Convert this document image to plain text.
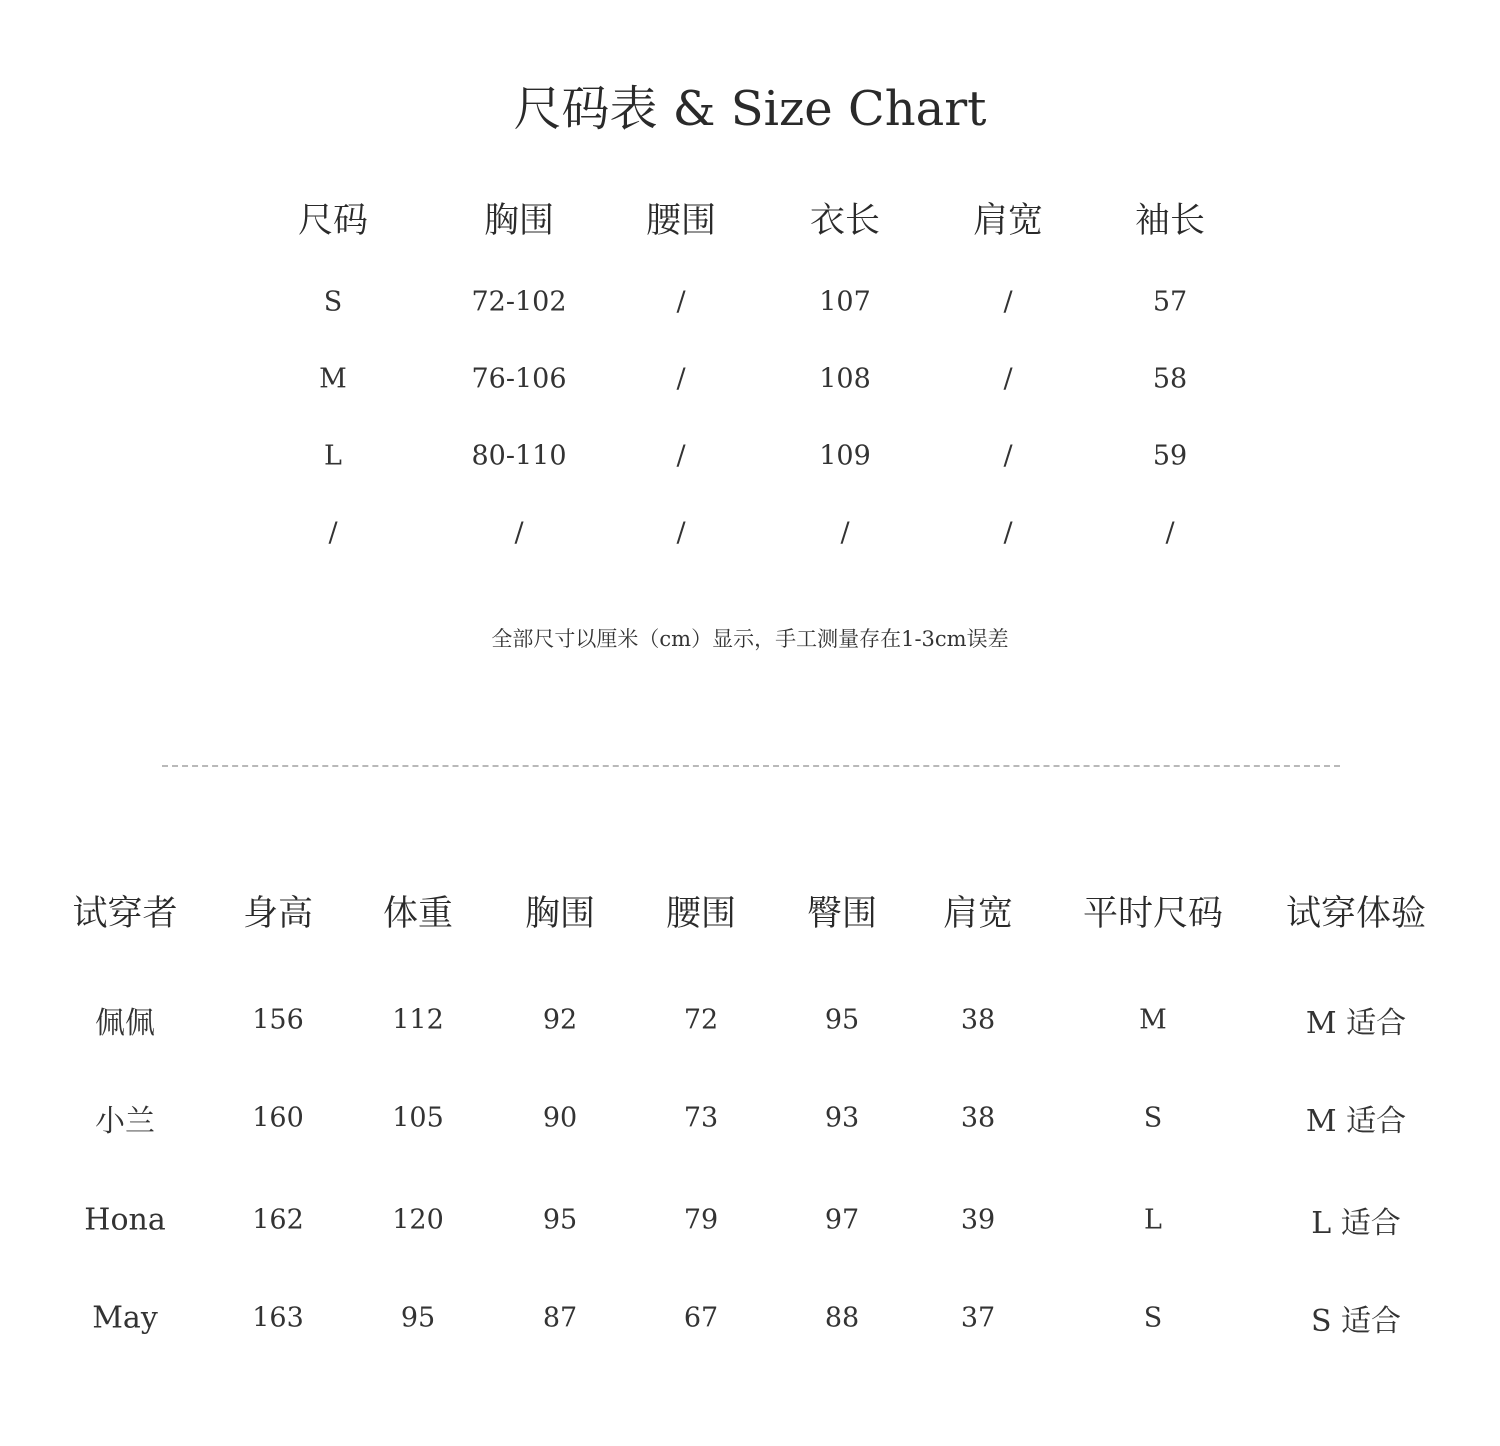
尺码表 & Size Chart
尺码	胸围	腰围	衣长	肩宽	袖长
S	72-102	/	107	/	57
M	76-106	/	108	/	58
L	80-110	/	109	/	59
/	/	/	/	/	/
全部尺寸以厘米（cm）显示，手工测量存在1-3cm误差
试穿者 身高 体重 胸围 腰围 臀围 肩宽 平时尺码 试穿体验
佩佩	156	112	92	72	95	38	M	M 适合
小兰	160	105	90	73	93	38	S	M 适合
Hona	162	120	95	79	97	39	L	L 适合
May	163	95	87	67	88	37	S	S 适合
